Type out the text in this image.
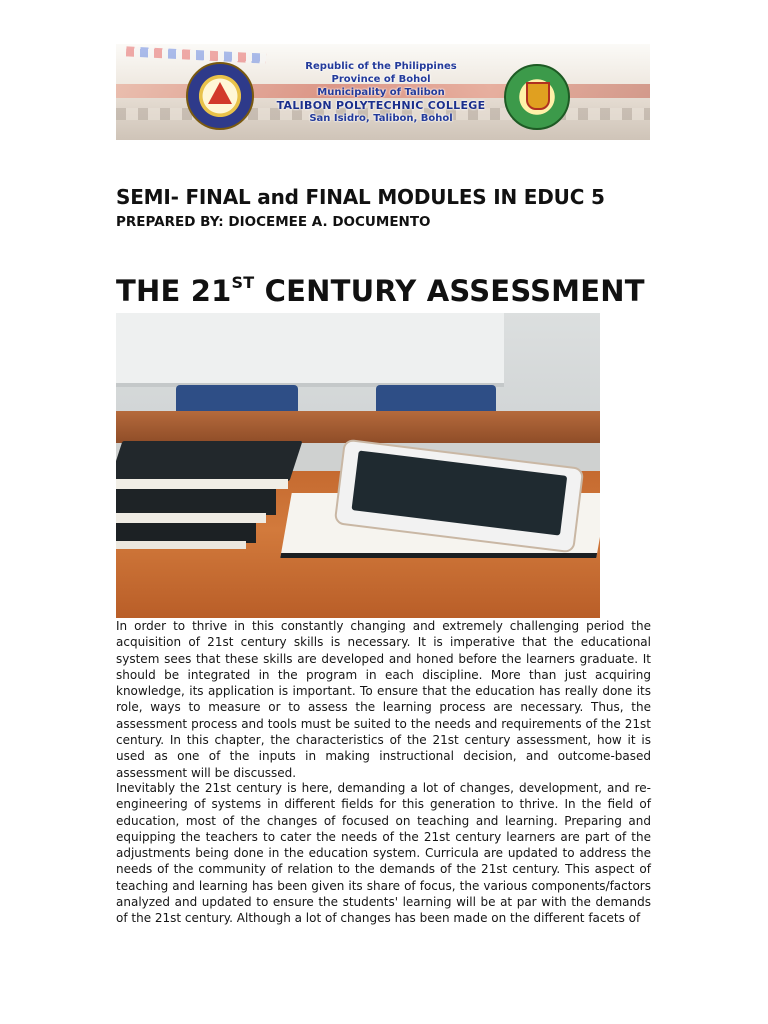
Republic of the Philippines
Province of Bohol
Municipality of Talibon
TALIBON POLYTECHNIC COLLEGE
San Isidro, Talibon, Bohol
SEMI- FINAL and FINAL MODULES IN EDUC 5
PREPARED BY: DIOCEMEE A. DOCUMENTO
THE 21ST CENTURY ASSESSMENT

In order to thrive in this constantly changing and extremely challenging period the acquisition of 21st century skills is necessary. It is imperative that the educational system sees that these skills are developed and honed before the learners graduate. It should be integrated in the program in each discipline. More than just acquiring knowledge, its application is important. To ensure that the education has really done its role, ways to measure or to assess the learning process are necessary. Thus, the assessment process and tools must be suited to the needs and requirements of the 21st century. In this chapter, the characteristics of the 21st century assessment, how it is used as one of the inputs in making instructional decision, and outcome-based assessment will be discussed.

Inevitably the 21st century is here, demanding a lot of changes, development, and re-engineering of systems in different fields for this generation to thrive. In the field of education, most of the changes of focused on teaching and learning. Preparing and equipping the teachers to cater the needs of the 21st century learners are part of the adjustments being done in the education system. Curricula are updated to address the needs of the community of relation to the demands of the 21st century. This aspect of teaching and learning has been given its share of focus, the various components/factors analyzed and updated to ensure the students' learning will be at par with the demands of the 21st century. Although a lot of changes has been made on the different facets of
